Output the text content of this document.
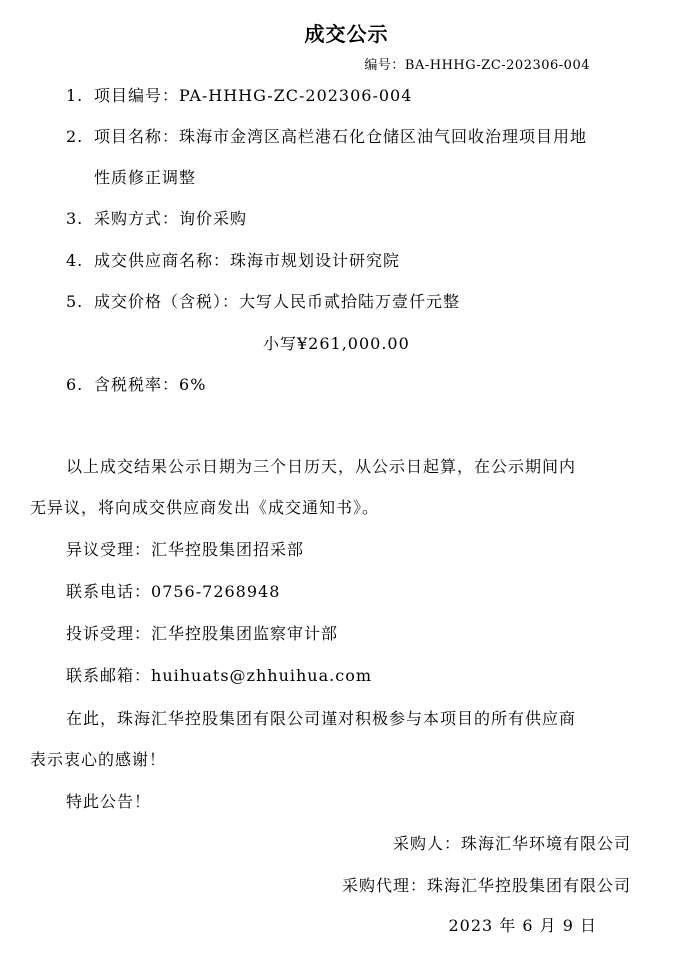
成交公示
编号：BA-HHHG-ZC-202306-004
1. 项目编号：PA-HHHG-ZC-202306-004
2. 项目名称：珠海市金湾区高栏港石化仓储区油气回收治理项目用地
性质修正调整
3. 采购方式：询价采购
4. 成交供应商名称：珠海市规划设计研究院
5. 成交价格（含税）：大写人民币贰拾陆万壹仟元整
小写¥261,000.00
6. 含税税率：6%
以上成交结果公示日期为三个日历天，从公示日起算，在公示期间内
无异议，将向成交供应商发出《成交通知书》。
异议受理：汇华控股集团招采部
联系电话：0756-7268948
投诉受理：汇华控股集团监察审计部
联系邮箱：huihuats@zhhuihua.com
在此，珠海汇华控股集团有限公司谨对积极参与本项目的所有供应商
表示衷心的感谢！
特此公告！
采购人：珠海汇华环境有限公司
采购代理：珠海汇华控股集团有限公司
2023 年 6 月 9 日
